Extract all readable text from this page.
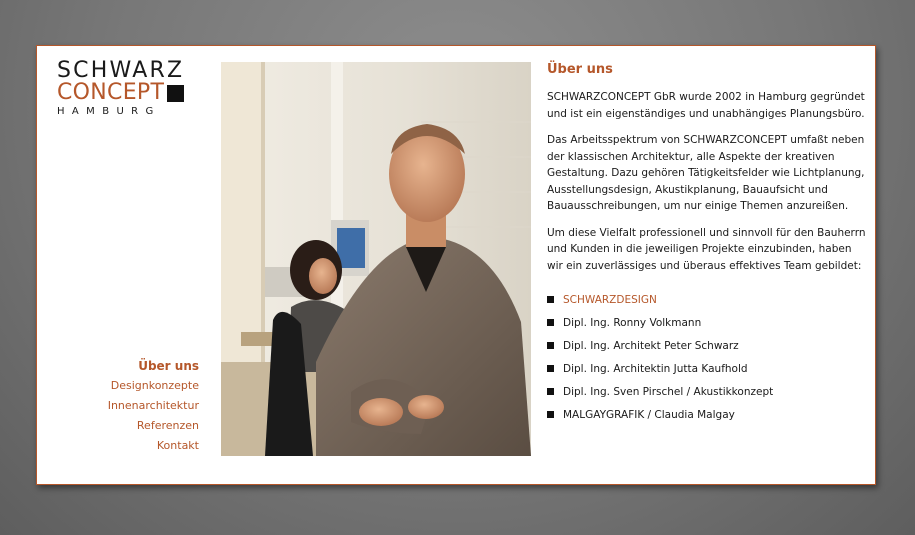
SCHWARZ
CONCEPT
HAMBURG
Über uns
Designkonzepte
Innenarchitektur
Referenzen
Kontakt
Über uns

SCHWARZCONCEPT GbR wurde 2002 in Hamburg gegründet und ist ein eigenständiges und unabhängiges Planungsbüro.

Das Arbeitsspektrum von SCHWARZCONCEPT umfaßt neben der klassischen Architektur, alle Aspekte der kreativen Gestaltung. Dazu gehören Tätigkeitsfelder wie Lichtplanung, Ausstellungsdesign, Akustikplanung, Bauaufsicht und Bauausschreibungen, um nur einige Themen anzureißen.

Um diese Vielfalt professionell und sinnvoll für den Bauherrn und Kunden in die jeweiligen Projekte einzubinden, haben wir ein zuverlässiges und überaus effektives Team gebildet:

SCHWARZDESIGN
Dipl. Ing. Ronny Volkmann
Dipl. Ing. Architekt Peter Schwarz
Dipl. Ing. Architektin Jutta Kaufhold
Dipl. Ing. Sven Pirschel / Akustikkonzept
MALGAYGRAFIK / Claudia Malgay
